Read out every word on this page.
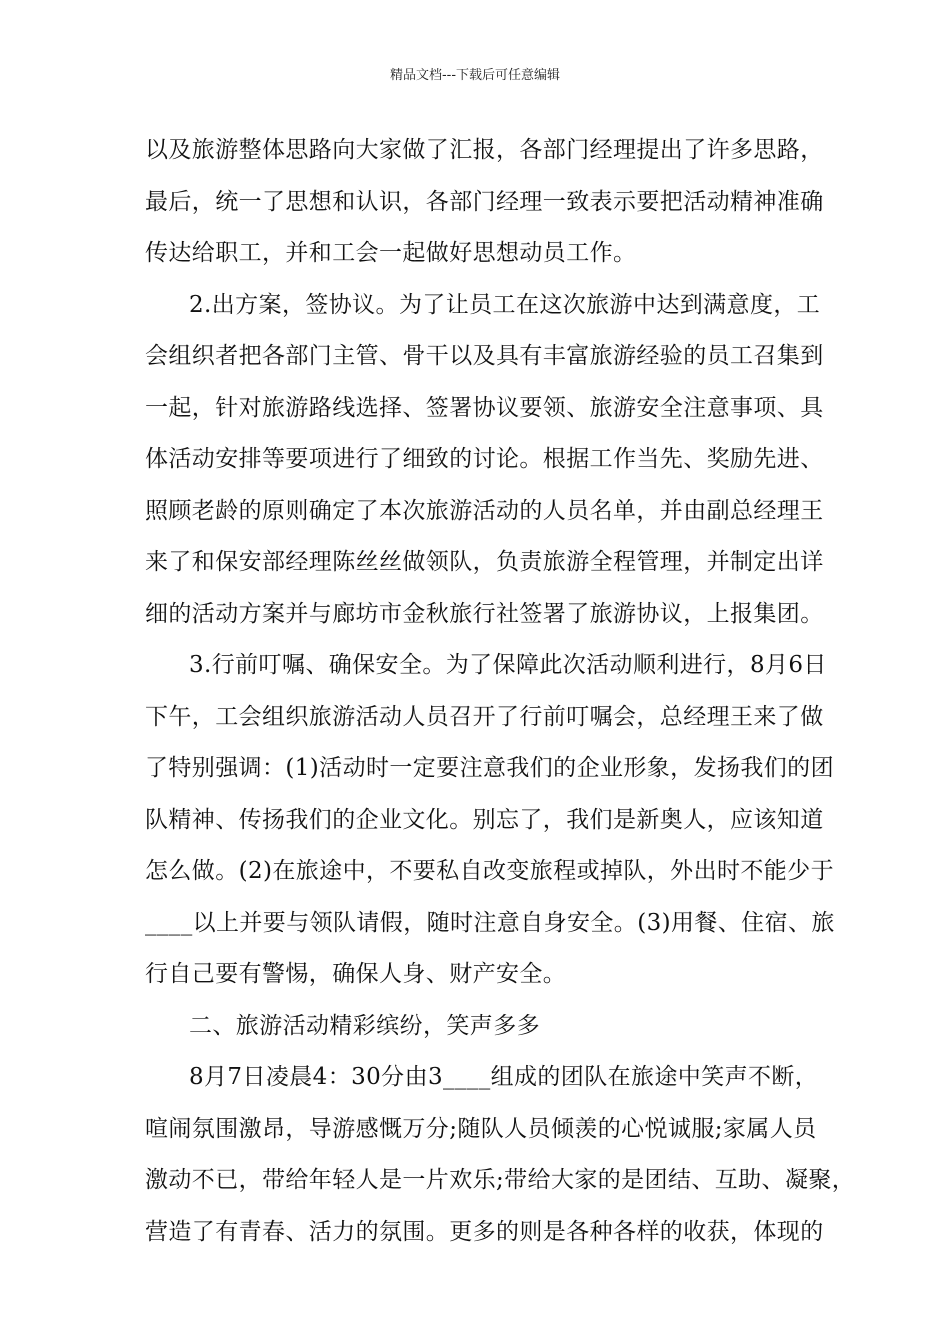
精品文档---下载后可任意编辑
以及旅游整体思路向大家做了汇报，各部门经理提出了许多思路，
最后，统一了思想和认识，各部门经理一致表示要把活动精神准确
传达给职工，并和工会一起做好思想动员工作。
2.出方案，签协议。为了让员工在这次旅游中达到满意度，工
会组织者把各部门主管、骨干以及具有丰富旅游经验的员工召集到
一起，针对旅游路线选择、签署协议要领、旅游安全注意事项、具
体活动安排等要项进行了细致的讨论。根据工作当先、奖励先进、
照顾老龄的原则确定了本次旅游活动的人员名单，并由副总经理王
来了和保安部经理陈丝丝做领队，负责旅游全程管理，并制定出详
细的活动方案并与廊坊市金秋旅行社签署了旅游协议，上报集团。
3.行前叮嘱、确保安全。为了保障此次活动顺利进行，8月6日
下午，工会组织旅游活动人员召开了行前叮嘱会，总经理王来了做
了特别强调：(1)活动时一定要注意我们的企业形象，发扬我们的团
队精神、传扬我们的企业文化。别忘了，我们是新奥人，应该知道
怎么做。(2)在旅途中，不要私自改变旅程或掉队，外出时不能少于
____以上并要与领队请假，随时注意自身安全。(3)用餐、住宿、旅
行自己要有警惕，确保人身、财产安全。
二、旅游活动精彩缤纷，笑声多多
8月7日凌晨4：30分由3____组成的团队在旅途中笑声不断，
喧闹氛围激昂，导游感慨万分;随队人员倾羡的心悦诚服;家属人员
激动不已，带给年轻人是一片欢乐;带给大家的是团结、互助、凝聚，
营造了有青春、活力的氛围。更多的则是各种各样的收获，体现的
